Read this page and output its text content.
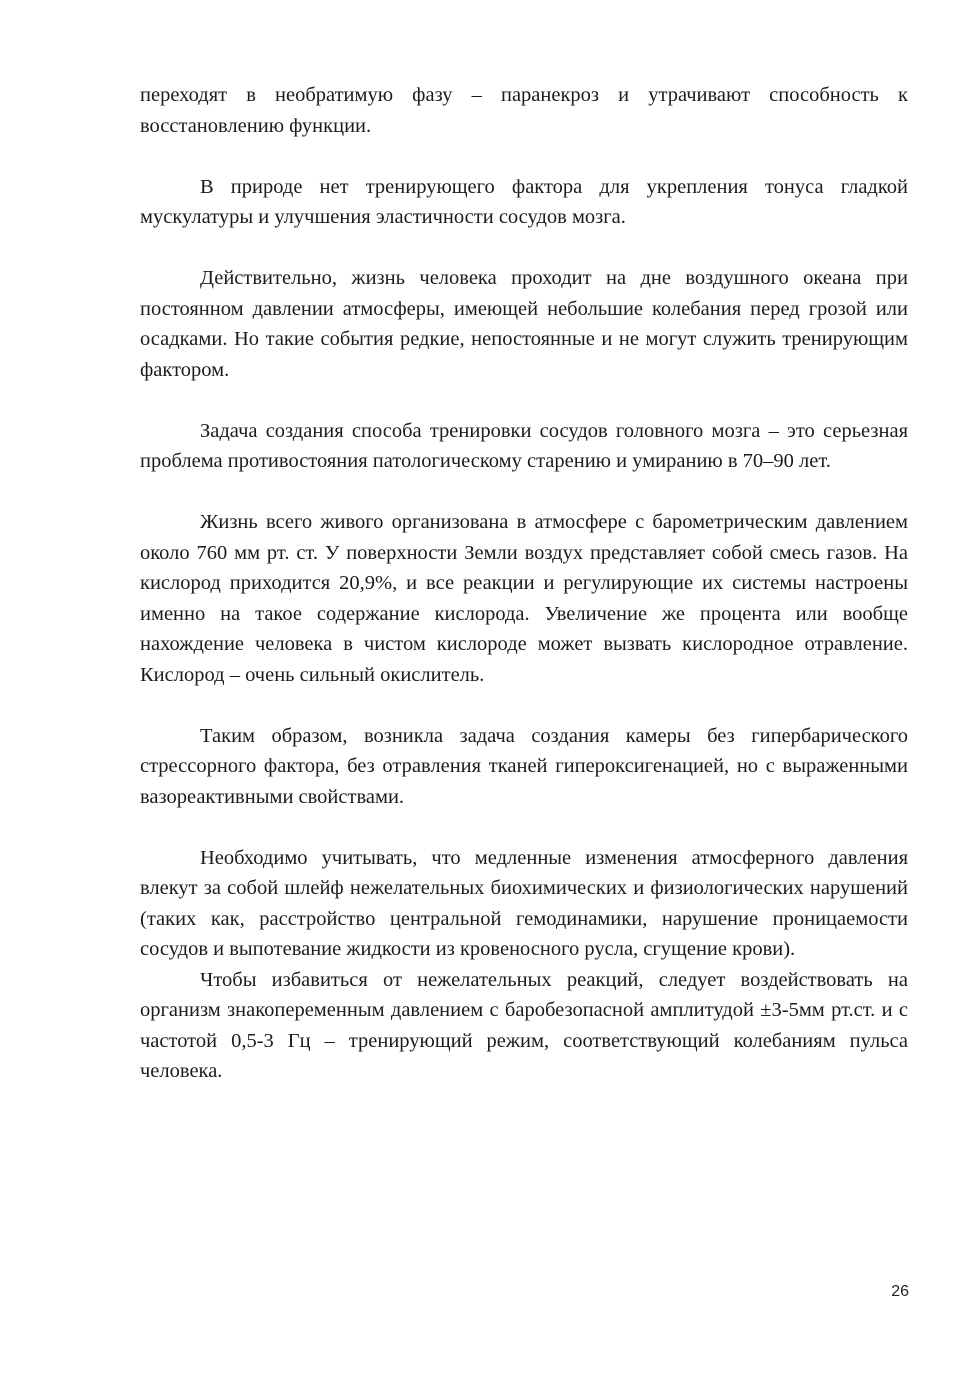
переходят в необратимую фазу – паранекроз и утрачивают способность к восстановлению функции.

В природе нет тренирующего фактора для укрепления тонуса гладкой мускулатуры и улучшения эластичности сосудов мозга.

Действительно, жизнь человека проходит на дне воздушного океана при постоянном давлении атмосферы, имеющей небольшие колебания перед грозой или осадками. Но такие события редкие, непостоянные и не могут служить тренирующим фактором.

Задача создания способа тренировки сосудов головного мозга – это серьезная проблема противостояния патологическому старению и умиранию в 70–90 лет.

Жизнь всего живого организована в атмосфере с барометрическим давлением около 760 мм рт. ст. У поверхности Земли воздух представляет собой смесь газов. На кислород приходится 20,9%, и все реакции и регулирующие их системы настроены именно на такое содержание кислорода. Увеличение же процента или вообще нахождение человека в чистом кислороде может вызвать кислородное отравление. Кислород – очень сильный окислитель.

Таким образом, возникла задача создания камеры без гипербарического стрессорного фактора, без отравления тканей гипероксигенацией, но с выраженными вазореактивными свойствами.

Необходимо учитывать, что медленные изменения атмосферного давления влекут за собой шлейф нежелательных биохимических и физиологических нарушений (таких как, расстройство центральной гемодинамики, нарушение проницаемости сосудов и выпотевание жидкости из кровеносного русла, сгущение крови).

Чтобы избавиться от нежелательных реакций, следует воздействовать на организм знакопеременным давлением с баробезопасной амплитудой ±3-5мм рт.ст. и с частотой 0,5-3 Гц – тренирующий режим, соответствующий колебаниям пульса человека.

26
